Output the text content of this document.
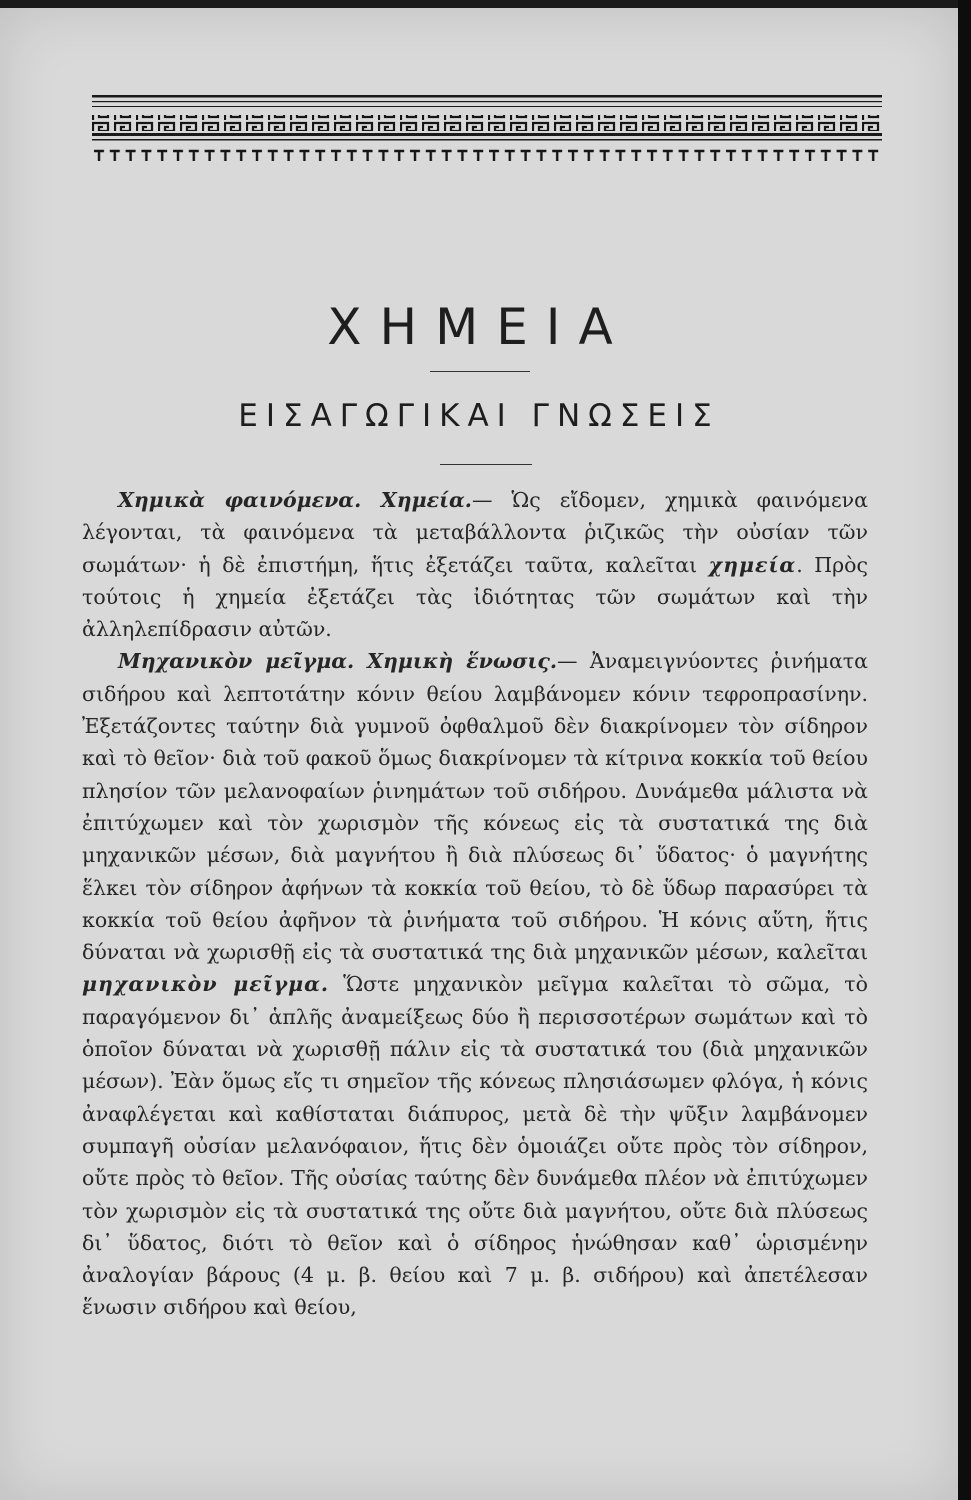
ΧΗΜΕΙΑ
ΕΙΣΑΓΩΓΙΚΑΙ ΓΝΩΣΕΙΣ

Χημικὰ φαινόμενα. Χημεία.— Ὡς εἴδομεν, χημικὰ φαινόμενα λέγονται, τὰ φαινόμενα τὰ μεταβάλλοντα ῥιζικῶς τὴν οὐσίαν τῶν σωμάτων· ἡ δὲ ἐπιστήμη, ἥτις ἐξετάζει ταῦτα, καλεῖται χημεία. Πρὸς τούτοις ἡ χημεία ἐξετάζει τὰς ἰδιότητας τῶν σωμάτων καὶ τὴν ἀλληλεπίδρασιν αὐτῶν.

Μηχανικὸν μεῖγμα. Χημικὴ ἕνωσις.— Ἀναμειγνύοντες ῥινήματα σιδήρου καὶ λεπτοτάτην κόνιν θείου λαμβάνομεν κόνιν τεφροπρασίνην. Ἐξετάζοντες ταύτην διὰ γυμνοῦ ὀφθαλμοῦ δὲν διακρίνομεν τὸν σίδηρον καὶ τὸ θεῖον· διὰ τοῦ φακοῦ ὅμως διακρίνομεν τὰ κίτρινα κοκκία τοῦ θείου πλησίον τῶν μελανοφαίων ῥινημάτων τοῦ σιδήρου. Δυνάμεθα μάλιστα νὰ ἐπιτύχωμεν καὶ τὸν χωρισμὸν τῆς κόνεως εἰς τὰ συστατικά της διὰ μηχανικῶν μέσων, διὰ μαγνήτου ἢ διὰ πλύσεως δι᾽ ὕδατος· ὁ μαγνήτης ἕλκει τὸν σίδηρον ἀφήνων τὰ κοκκία τοῦ θείου, τὸ δὲ ὕδωρ παρασύρει τὰ κοκκία τοῦ θείου ἀφῆνον τὰ ῥινήματα τοῦ σιδήρου. Ἡ κόνις αὕτη, ἥτις δύναται νὰ χωρισθῇ εἰς τὰ συστατικά της διὰ μηχανικῶν μέσων, καλεῖται μηχανικὸν μεῖγμα. Ὥστε μηχανικὸν μεῖγμα καλεῖται τὸ σῶμα, τὸ παραγόμενον δι᾽ ἁπλῆς ἀναμείξεως δύο ἢ περισσοτέρων σωμάτων καὶ τὸ ὁποῖον δύναται νὰ χωρισθῇ πάλιν εἰς τὰ συστατικά του (διὰ μηχανικῶν μέσων). Ἐὰν ὅμως εἴς τι σημεῖον τῆς κόνεως πλησιάσωμεν φλόγα, ἡ κόνις ἀναφλέγεται καὶ καθίσταται διάπυρος, μετὰ δὲ τὴν ψῦξιν λαμβάνομεν συμπαγῆ οὐσίαν μελανόφαιον, ἥτις δὲν ὁμοιάζει οὔτε πρὸς τὸν σίδηρον, οὔτε πρὸς τὸ θεῖον. Τῆς οὐσίας ταύτης δὲν δυνάμεθα πλέον νὰ ἐπιτύχωμεν τὸν χωρισμὸν εἰς τὰ συστατικά της οὔτε διὰ μαγνήτου, οὔτε διὰ πλύσεως δι᾽ ὕδατος, διότι τὸ θεῖον καὶ ὁ σίδηρος ἡνώθησαν καθ᾽ ὡρισμένην ἀναλογίαν βάρους (4 μ. β. θείου καὶ 7 μ. β. σιδήρου) καὶ ἀπετέλεσαν ἕνωσιν σιδήρου καὶ θείου,
